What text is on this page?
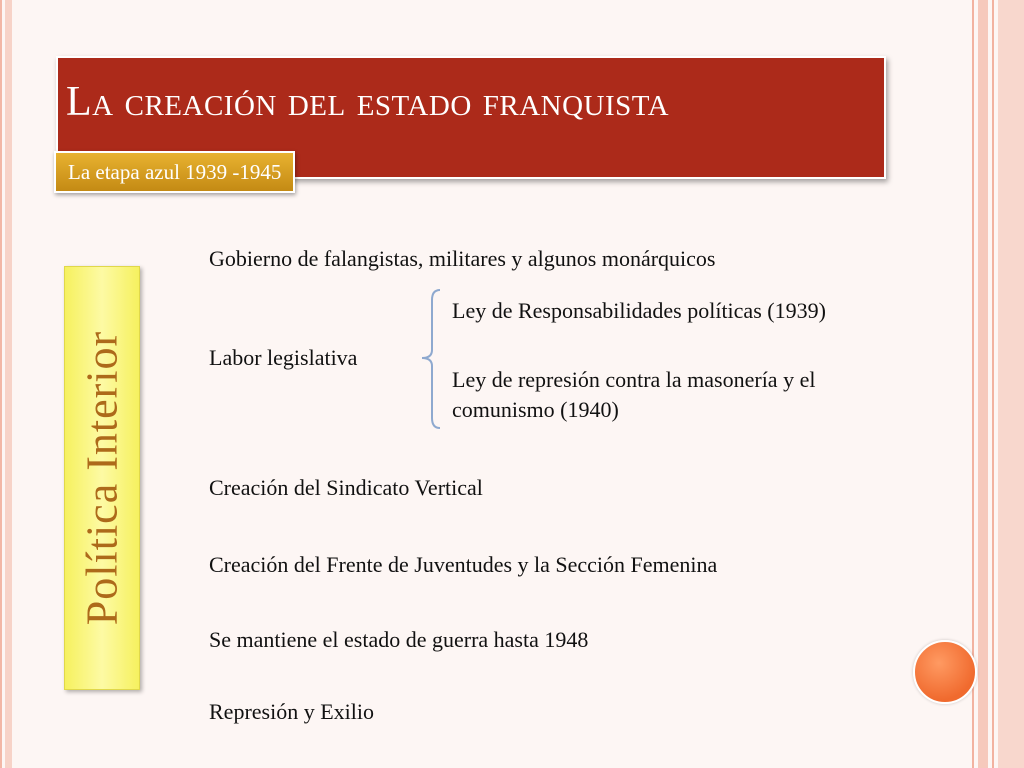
La creación del estado franquista
La etapa azul 1939 -1945
Política Interior
Gobierno de falangistas, militares y algunos monárquicos
Labor legislativa
Ley de Responsabilidades políticas (1939)
Ley de represión contra la masonería y el
comunismo (1940)
Creación del Sindicato Vertical
Creación del Frente de Juventudes y la Sección Femenina
Se mantiene el estado de guerra hasta 1948
Represión y Exilio
